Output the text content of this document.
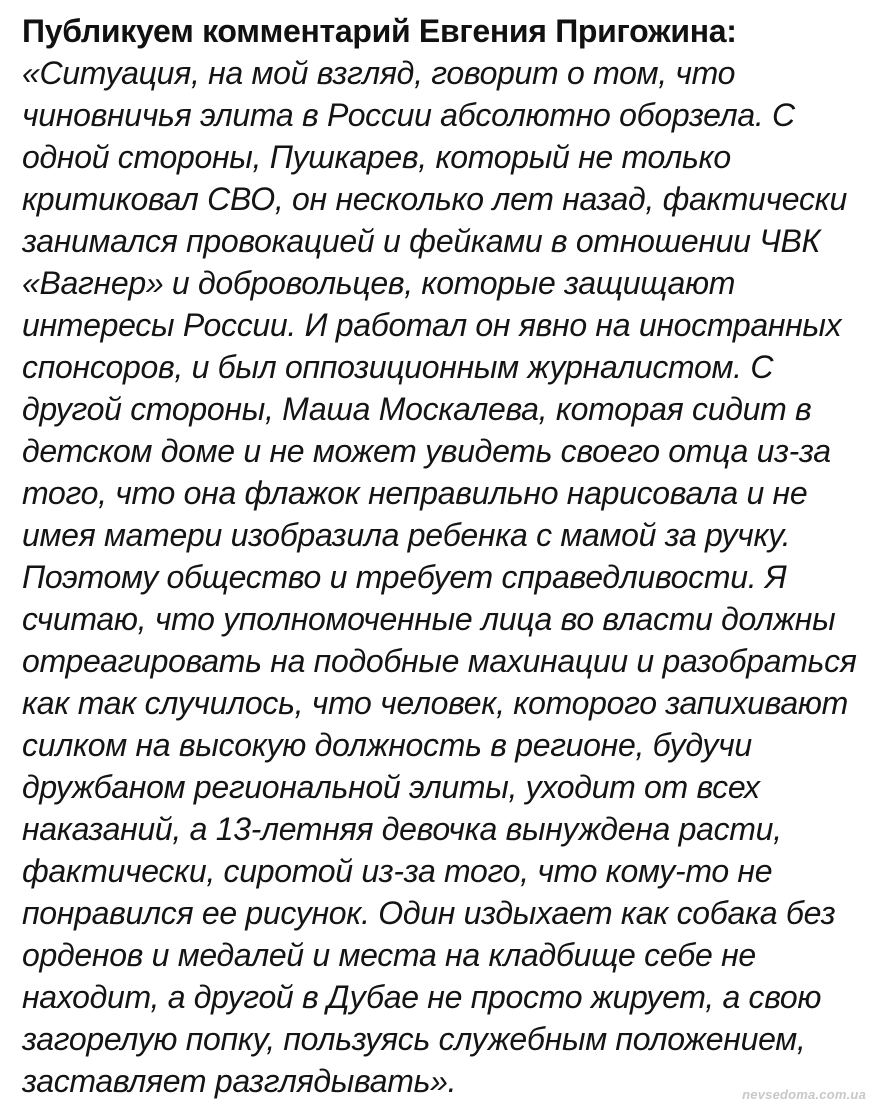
Публикуем комментарий Евгения Пригожина:
«Ситуация, на мой взгляд, говорит о том, что
чиновничья элита в России абсолютно оборзела. С
одной стороны, Пушкарев, который не только
критиковал СВО, он несколько лет назад, фактически
занимался провокацией и фейками в отношении ЧВК
«Вагнер» и добровольцев, которые защищают
интересы России. И работал он явно на иностранных
спонсоров, и был оппозиционным журналистом. С
другой стороны, Маша Москалева, которая сидит в
детском доме и не может увидеть своего отца из-за
того, что она флажок неправильно нарисовала и не
имея матери изобразила ребенка с мамой за ручку.
Поэтому общество и требует справедливости. Я
считаю, что уполномоченные лица во власти должны
отреагировать на подобные махинации и разобраться
как так случилось, что человек, которого запихивают
силком на высокую должность в регионе, будучи
дружбаном региональной элиты, уходит от всех
наказаний, а 13-летняя девочка вынуждена расти,
фактически, сиротой из-за того, что кому-то не
понравился ее рисунок. Один издыхает как собака без
орденов и медалей и места на кладбище себе не
находит, а другой в Дубае не просто жирует, а свою
загорелую попку, пользуясь служебным положением,
заставляет разглядывать».	nevsedoma.com.ua
